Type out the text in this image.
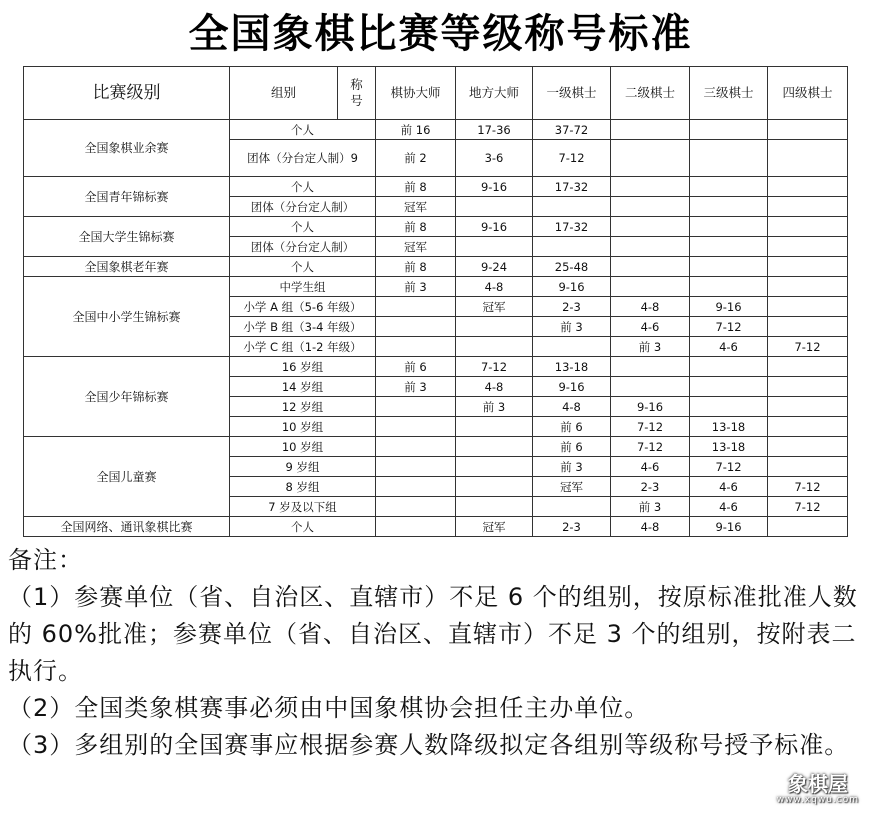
全国象棋比赛等级称号标准
比赛级别	组别	称号	棋协大师	地方大师	一级棋士	二级棋士	三级棋士	四级棋士
全国象棋业余赛	个人		前 16	17-36	37-72			
	团体（分台定人制）9		前 2	3-6	7-12			
全国青年锦标赛	个人		前 8	9-16	17-32			
	团体（分台定人制）		冠军					
全国大学生锦标赛	个人		前 8	9-16	17-32			
	团体（分台定人制）		冠军					
全国象棋老年赛	个人		前 8	9-24	25-48			
全国中小学生锦标赛	中学生组		前 3	4-8	9-16			
	小学 A 组（5-6 年级）			冠军	2-3	4-8	9-16	
	小学 B 组（3-4 年级）				前 3	4-6	7-12	
	小学 C 组（1-2 年级）					前 3	4-6	7-12
全国少年锦标赛	16 岁组		前 6	7-12	13-18			
	14 岁组		前 3	4-8	9-16			
	12 岁组			前 3	4-8	9-16		
	10 岁组				前 6	7-12	13-18	
全国儿童赛	10 岁组				前 6	7-12	13-18	
	9 岁组				前 3	4-6	7-12	
	8 岁组				冠军	2-3	4-6	7-12
	7 岁及以下组					前 3	4-6	7-12
全国网络、通讯象棋比赛	个人			冠军	2-3	4-8	9-16	

备注：

（1）参赛单位（省、自治区、直辖市）不足 6 个的组别，按原标准批准人数的 60%批准；参赛单位（省、自治区、直辖市）不足 3 个的组别，按附表二执行。

（2）全国类象棋赛事必须由中国象棋协会担任主办单位。

（3）多组别的全国赛事应根据参赛人数降级拟定各组别等级称号授予标准。

象棋屋
www.xqwu.com
